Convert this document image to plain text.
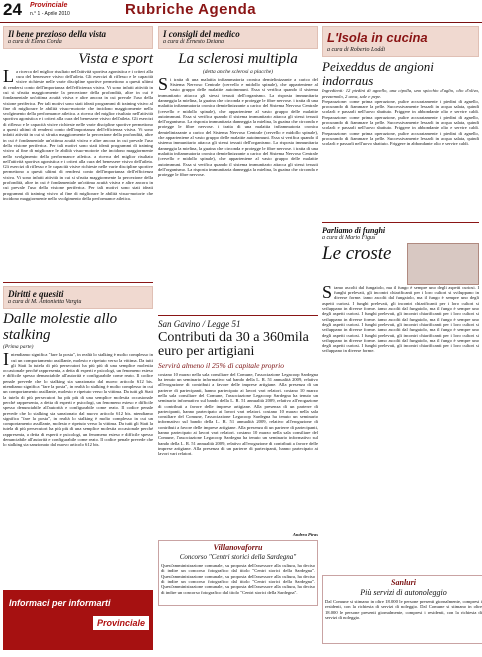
24 Provinciale
n.° 1 - Aprile 2010	Rubriche Agenda
Il bene prezioso della vista
a cura di Elena Corda
Vista e sport

La ricerca del miglior risultato nell'attività sportiva agonistica e i criteri alla cura del benessere visivo dell'atleta. Gli esercizi di riflesso e le capacità visive richieste nelle varie discipline sportive permettono a questi ultimi di rendersi conto dell'importanza dell'efficienza visiva. Vi sono infatti attività in cui si sfrutta maggiormente la percezione della profondità, altre in cui è fondamentale un'ottima acuità visiva e altre ancora in cui prevale l'uso della visione periferica. Per tali motivi sono stati ideati programmi di training visivo al fine di migliorare le abilità visuo-motorie che incidono maggiormente nello svolgimento della performance atletica. a ricerca del miglior risultato nell'attività sportiva agonistica e i criteri alla cura del benessere visivo dell'atleta. Gli esercizi di riflesso e le capacità visive richieste nelle varie discipline sportive permettono a questi ultimi di rendersi conto dell'importanza dell'efficienza visiva. Vi sono infatti attività in cui si sfrutta maggiormente la percezione della profondità, altre in cui è fondamentale un'ottima acuità visiva e altre ancora in cui prevale l'uso della visione periferica. Per tali motivi sono stati ideati programmi di training visivo al fine di migliorare le abilità visuo-motorie che incidono maggiormente nello svolgimento della performance atletica. a ricerca del miglior risultato nell'attività sportiva agonistica e i criteri alla cura del benessere visivo dell'atleta. Gli esercizi di riflesso e le capacità visive richieste nelle varie discipline sportive permettono a questi ultimi di rendersi conto dell'importanza dell'efficienza visiva. Vi sono infatti attività in cui si sfrutta maggiormente la percezione della profondità, altre in cui è fondamentale un'ottima acuità visiva e altre ancora in cui prevale l'uso della visione periferica. Per tali motivi sono stati ideati programmi di training visivo al fine di migliorare le abilità visuo-motorie che incidono maggiormente nello svolgimento della performance atletica.

Diritti e quesiti
a cura di M. Antonietta Vargiu
Dalle molestie allo stalking
(Prima parte)

Intendiamo significa "fare la posta", in realtà lo stalking è molto complesso in cui un comportamento assillante, molesto e ripetuto verso la vittima. Da tutti gli Stati la tutela di più persecutori ha più più di una semplice molestia occasionale perché rappresenta, a detta di esperti e psicologi, un fenomeno esteso e difficile spesso denunciabile all'autorità e configurabile come reato. Il codice penale prevede che lo stalking sia sanzionato dal nuovo articolo 612 bis. ntendiamo significa "fare la posta", in realtà lo stalking è molto complesso in cui un comportamento assillante, molesto e ripetuto verso la vittima. Da tutti gli Stati la tutela di più persecutori ha più più di una semplice molestia occasionale perché rappresenta, a detta di esperti e psicologi, un fenomeno esteso e difficile spesso denunciabile all'autorità e configurabile come reato. Il codice penale prevede che lo stalking sia sanzionato dal nuovo articolo 612 bis. ntendiamo significa "fare la posta", in realtà lo stalking è molto complesso in cui un comportamento assillante, molesto e ripetuto verso la vittima. Da tutti gli Stati la tutela di più persecutori ha più più di una semplice molestia occasionale perché rappresenta, a detta di esperti e psicologi, un fenomeno esteso e difficile spesso denunciabile all'autorità e configurabile come reato. Il codice penale prevede che lo stalking sia sanzionato dal nuovo articolo 612 bis.

Informaci per informarti
Provinciale
I consigli del medico
a cura di Ernesto Deiana
La sclerosi multipla
(detta anche sclerosi a placche)

Si tratta di una malattia infiammatoria cronica demielinizzante a carico del Sistema Nervoso Centrale (cervello e midollo spinale), che apparteniene al vasto gruppo delle malattie autoimmuni. Essa si verifica quando il sistema immunitario attacca gli stessi tessuti dell'organismo. La risposta immunitaria danneggia la mielina, la guaina che circonda e protegge le fibre nervose. i tratta di una malattia infiammatoria cronica demielinizzante a carico del Sistema Nervoso Centrale (cervello e midollo spinale), che apparteniene al vasto gruppo delle malattie autoimmuni. Essa si verifica quando il sistema immunitario attacca gli stessi tessuti dell'organismo. La risposta immunitaria danneggia la mielina, la guaina che circonda e protegge le fibre nervose. i tratta di una malattia infiammatoria cronica demielinizzante a carico del Sistema Nervoso Centrale (cervello e midollo spinale), che apparteniene al vasto gruppo delle malattie autoimmuni. Essa si verifica quando il sistema immunitario attacca gli stessi tessuti dell'organismo. La risposta immunitaria danneggia la mielina, la guaina che circonda e protegge le fibre nervose. i tratta di una malattia infiammatoria cronica demielinizzante a carico del Sistema Nervoso Centrale (cervello e midollo spinale), che apparteniene al vasto gruppo delle malattie autoimmuni. Essa si verifica quando il sistema immunitario attacca gli stessi tessuti dell'organismo. La risposta immunitaria danneggia la mielina, la guaina che circonda e protegge le fibre nervose.

San Gavino / Legge 51
Contributi da 30 a 360mila euro per artigiani
Servirà almeno il 25% di capitale proprio

costano 10 marzo nella sala consiliare del Comune, l'associazione Legacoop Sardegna ha tenuto un seminario informativo sul bando della L. R. 51 annualità 2009, relativo all'erogazione di contributi a favore delle imprese artigiane. Alla presenza di un parterre di partecipanti, hanno partecipato ai lavori vari relatori. costano 10 marzo nella sala consiliare del Comune, l'associazione Legacoop Sardegna ha tenuto un seminario informativo sul bando della L. R. 51 annualità 2009, relativo all'erogazione di contributi a favore delle imprese artigiane. Alla presenza di un parterre di partecipanti, hanno partecipato ai lavori vari relatori. costano 10 marzo nella sala consiliare del Comune, l'associazione Legacoop Sardegna ha tenuto un seminario informativo sul bando della L. R. 51 annualità 2009, relativo all'erogazione di contributi a favore delle imprese artigiane. Alla presenza di un parterre di partecipanti, hanno partecipato ai lavori vari relatori. costano 10 marzo nella sala consiliare del Comune, l'associazione Legacoop Sardegna ha tenuto un seminario informativo sul bando della L. R. 51 annualità 2009, relativo all'erogazione di contributi a favore delle imprese artigiane. Alla presenza di un parterre di partecipanti, hanno partecipato ai lavori vari relatori.

Andrea Piras
Villanovaforru
Concorso "Centri storici della Sardegna"

Quest'amministrazione comunale, su proposta dell'assessore alla cultura, ha deciso di indire un concorso fotografico dal titolo "Centri storici della Sardegna". Quest'amministrazione comunale, su proposta dell'assessore alla cultura, ha deciso di indire un concorso fotografico dal titolo "Centri storici della Sardegna". Quest'amministrazione comunale, su proposta dell'assessore alla cultura, ha deciso di indire un concorso fotografico dal titolo "Centri storici della Sardegna".

L'Isola in cucina
a cura di Roberto Loddi
Peixeddus de angioni indorraus

Ingredienti: 12 piedini di agnello, una cipolla, uno spicchio d'aglio, olio d'oliva, prezzemolo, 2 uova, sale e pepe.

Preparazione: come prima operazione, pulire accuratamente i piedini di agnello, procurando di fiammare la pelle. Successivamente lessarli in acqua salata, quindi scolarli e passarli nell'uovo sbattuto. Friggere in abbondante olio e servire caldi. Preparazione: come prima operazione, pulire accuratamente i piedini di agnello, procurando di fiammare la pelle. Successivamente lessarli in acqua salata, quindi scolarli e passarli nell'uovo sbattuto. Friggere in abbondante olio e servire caldi. Preparazione: come prima operazione, pulire accuratamente i piedini di agnello, procurando di fiammare la pelle. Successivamente lessarli in acqua salata, quindi scolarli e passarli nell'uovo sbattuto. Friggere in abbondante olio e servire caldi.

Parliamo di funghi
a cura di Mario Figus
Le croste

Siamo ascolti dal fungaiolo, ma il fungo è sempre uno degli aspetti curiosi. I funghi prelevati, gli incontri chiarificanti per i loro cultori si sviluppano in diverse forme. iamo ascolti dal fungaiolo, ma il fungo è sempre uno degli aspetti curiosi. I funghi prelevati, gli incontri chiarificanti per i loro cultori si sviluppano in diverse forme. iamo ascolti dal fungaiolo, ma il fungo è sempre uno degli aspetti curiosi. I funghi prelevati, gli incontri chiarificanti per i loro cultori si sviluppano in diverse forme. iamo ascolti dal fungaiolo, ma il fungo è sempre uno degli aspetti curiosi. I funghi prelevati, gli incontri chiarificanti per i loro cultori si sviluppano in diverse forme. iamo ascolti dal fungaiolo, ma il fungo è sempre uno degli aspetti curiosi. I funghi prelevati, gli incontri chiarificanti per i loro cultori si sviluppano in diverse forme. iamo ascolti dal fungaiolo, ma il fungo è sempre uno degli aspetti curiosi. I funghi prelevati, gli incontri chiarificanti per i loro cultori si sviluppano in diverse forme.

Sanluri
Più servizi di autonoleggio

Dal Comune si stimano in oltre 18.000 le persone presenti giornalmente, compresi i residenti, con la richiesta di servizi di noleggio. Dal Comune si stimano in oltre 18.000 le persone presenti giornalmente, compresi i residenti, con la richiesta di servizi di noleggio.
